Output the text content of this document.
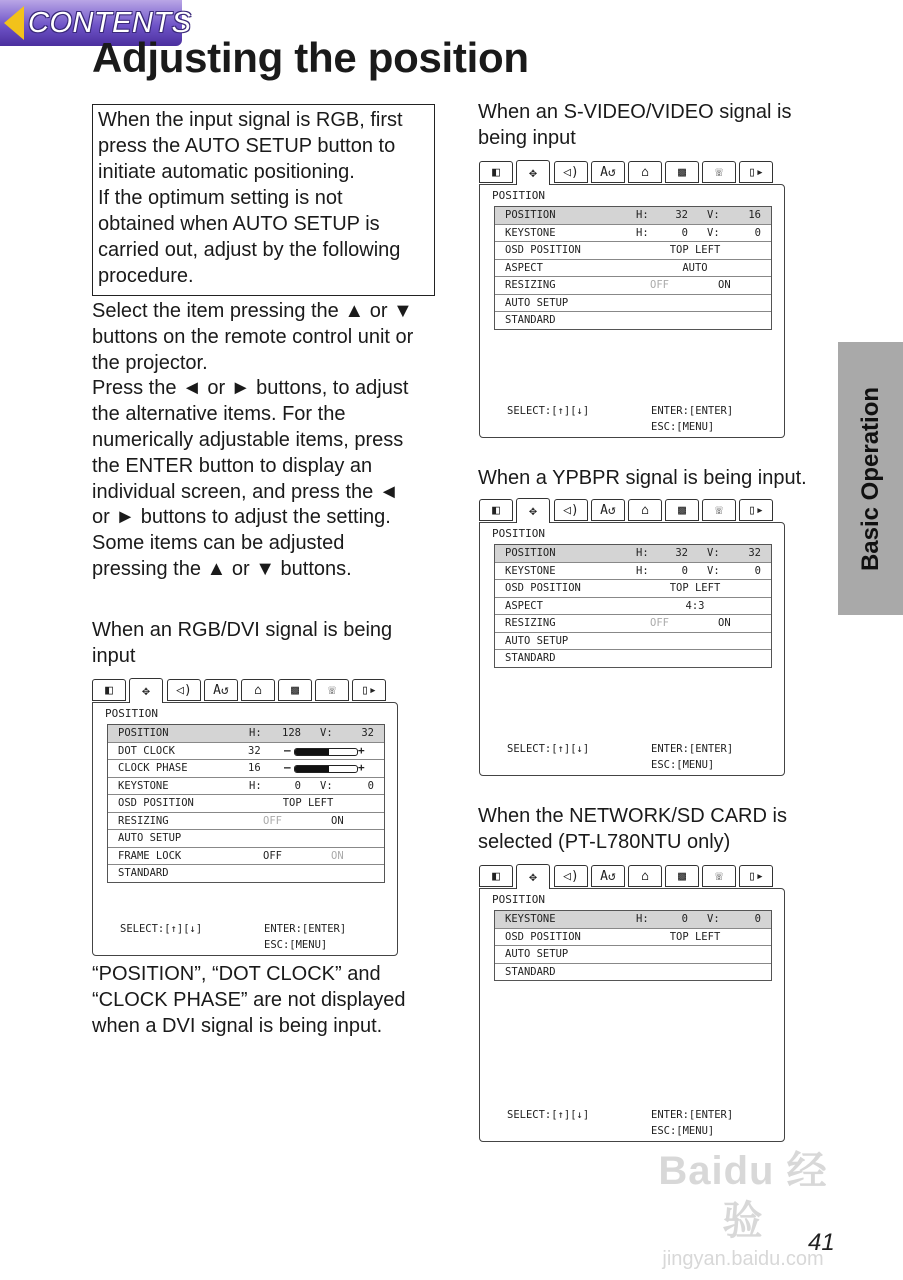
CONTENTS
Adjusting the position
When the input signal is RGB, first
press the AUTO SETUP button to
initiate automatic positioning.
If the optimum setting is not
obtained when AUTO SETUP is
carried out, adjust by the following
procedure.
Select the item pressing the ▲ or ▼
buttons on the remote control unit or
the projector.
Press the ◄ or ► buttons, to adjust
the alternative items. For the
numerically adjustable items, press
the ENTER button to display an
individual screen, and press the ◄
or ► buttons to adjust the setting.
Some items can be adjusted
pressing the ▲ or ▼ buttons.
When an RGB/DVI signal is being
input
When an S-VIDEO/VIDEO signal is
being input
When a YPBPR signal is being input.
When the NETWORK/SD CARD is
selected (PT-L780NTU only)
“POSITION”, “DOT CLOCK” and
“CLOCK PHASE” are not displayed
when a DVI signal is being input.
◧ ✥ ◁) A↺ ⌂ ▩ ☏ ▯▸
POSITION
POSITION	H:	128 V:	32
DOT CLOCK	32 –	+
CLOCK PHASE	16 –	+
KEYSTONE	H:	0 V:	0
OSD POSITION	TOP LEFT
RESIZING	OFF	ON
AUTO SETUP
FRAME LOCK	OFF	ON
STANDARD
SELECT:[↑][↓]	ENTER:[ENTER]
ESC:[MENU]
◧ ✥ ◁) A↺ ⌂ ▩ ☏ ▯▸
POSITION
POSITION	H:	32 V:	16
KEYSTONE	H:	0 V:	0
OSD POSITION	TOP LEFT
ASPECT	AUTO
RESIZING	OFF	ON
AUTO SETUP
STANDARD
SELECT:[↑][↓]	ENTER:[ENTER]
ESC:[MENU]
◧ ✥ ◁) A↺ ⌂ ▩ ☏ ▯▸
POSITION
POSITION	H:	32 V:	32
KEYSTONE	H:	0 V:	0
OSD POSITION	TOP LEFT
ASPECT	4:3
RESIZING	OFF	ON
AUTO SETUP
STANDARD
SELECT:[↑][↓]	ENTER:[ENTER]
ESC:[MENU]
◧ ✥ ◁) A↺ ⌂ ▩ ☏ ▯▸
POSITION
KEYSTONE	H:	0 V:	0
OSD POSITION	TOP LEFT
AUTO SETUP
STANDARD
SELECT:[↑][↓]	ENTER:[ENTER]
ESC:[MENU]
Basic Operation
Baidu 经验
jingyan.baidu.com
41
